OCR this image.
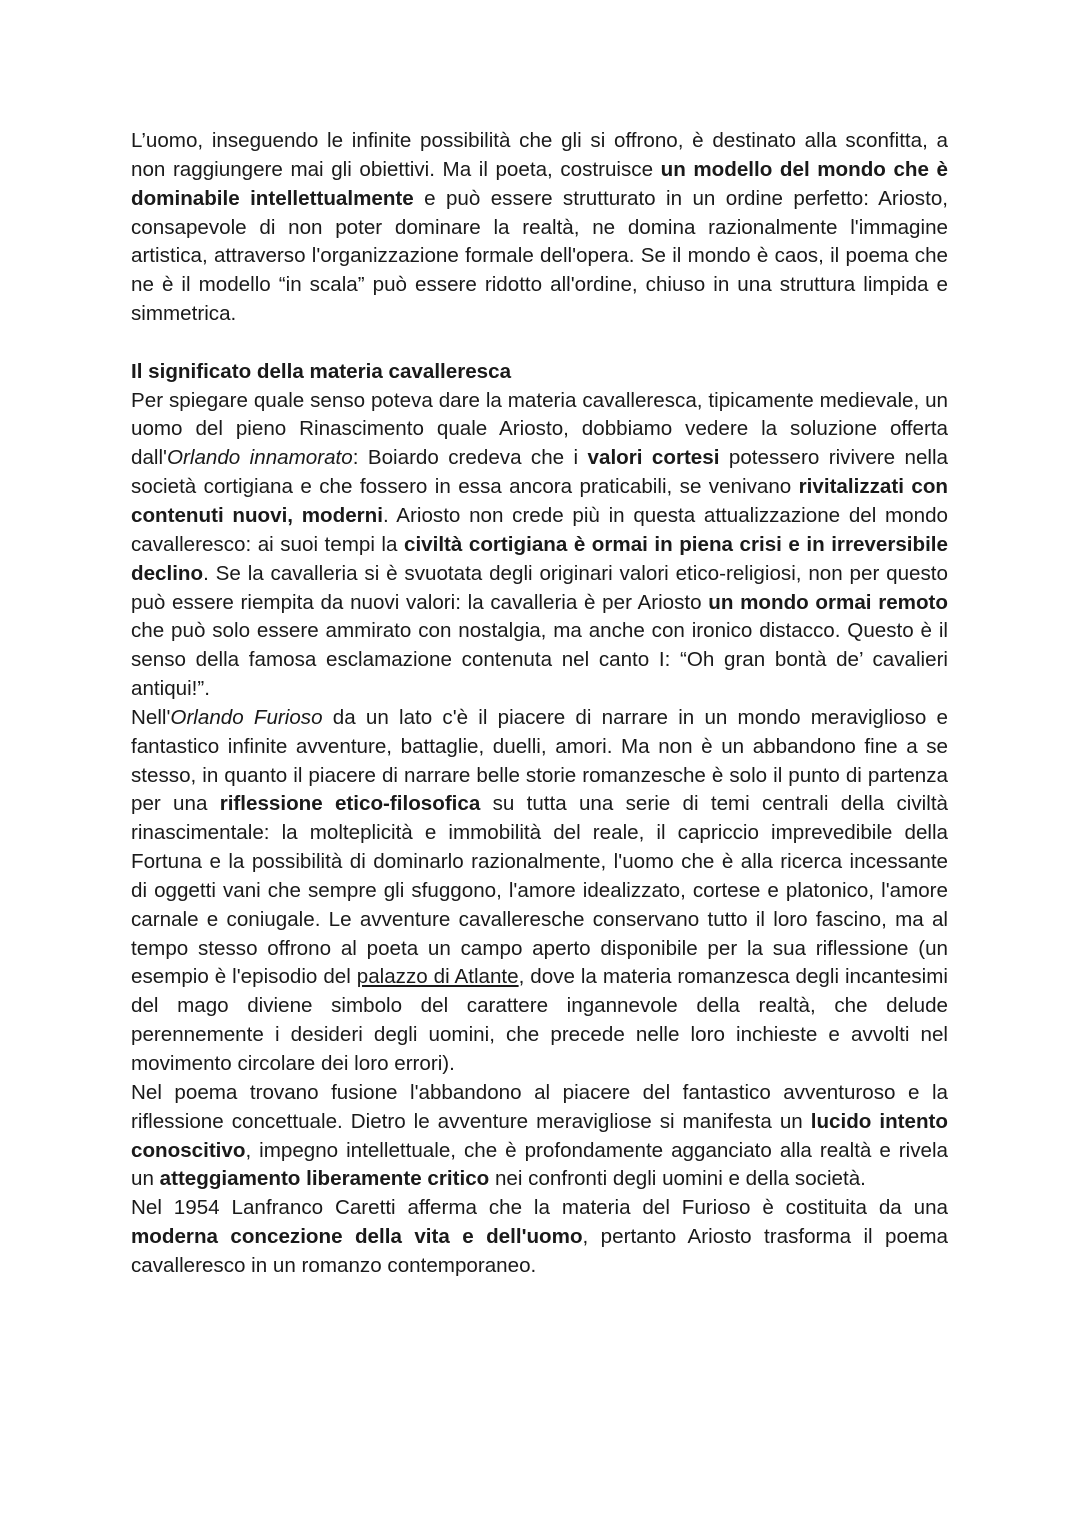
L’uomo, inseguendo le infinite possibilità che gli si offrono, è destinato alla sconfitta, a non raggiungere mai gli obiettivi. Ma il poeta, costruisce un modello del mondo che è dominabile intellettualmente e può essere strutturato in un ordine perfetto: Ariosto, consapevole di non poter dominare la realtà, ne domina razionalmente l'immagine artistica, attraverso l'organizzazione formale dell'opera. Se il mondo è caos, il poema che ne è il modello “in scala” può essere ridotto all'ordine, chiuso in una struttura limpida e simmetrica.

Il significato della materia cavalleresca

Per spiegare quale senso poteva dare la materia cavalleresca, tipicamente medievale, un uomo del pieno Rinascimento quale Ariosto, dobbiamo vedere la soluzione offerta dall'Orlando innamorato: Boiardo credeva che i valori cortesi potessero rivivere nella società cortigiana e che fossero in essa ancora praticabili, se venivano rivitalizzati con contenuti nuovi, moderni. Ariosto non crede più in questa attualizzazione del mondo cavalleresco: ai suoi tempi la civiltà cortigiana è ormai in piena crisi e in irreversibile declino. Se la cavalleria si è svuotata degli originari valori etico-religiosi, non per questo può essere riempita da nuovi valori: la cavalleria è per Ariosto un mondo ormai remoto che può solo essere ammirato con nostalgia, ma anche con ironico distacco. Questo è il senso della famosa esclamazione contenuta nel canto I: “Oh gran bontà de’ cavalieri antiqui!”.

Nell'Orlando Furioso da un lato c'è il piacere di narrare in un mondo meraviglioso e fantastico infinite avventure, battaglie, duelli, amori. Ma non è un abbandono fine a se stesso, in quanto il piacere di narrare belle storie romanzesche è solo il punto di partenza per una riflessione etico-filosofica su tutta una serie di temi centrali della civiltà rinascimentale: la molteplicità e immobilità del reale, il capriccio imprevedibile della Fortuna e la possibilità di dominarlo razionalmente, l'uomo che è alla ricerca incessante di oggetti vani che sempre gli sfuggono, l'amore idealizzato, cortese e platonico, l'amore carnale e coniugale. Le avventure cavalleresche conservano tutto il loro fascino, ma al tempo stesso offrono al poeta un campo aperto disponibile per la sua riflessione (un esempio è l'episodio del palazzo di Atlante, dove la materia romanzesca degli incantesimi del mago diviene simbolo del carattere ingannevole della realtà, che delude perennemente i desideri degli uomini, che precede nelle loro inchieste e avvolti nel movimento circolare dei loro errori).

Nel poema trovano fusione l'abbandono al piacere del fantastico avventuroso e la riflessione concettuale. Dietro le avventure meravigliose si manifesta un lucido intento conoscitivo, impegno intellettuale, che è profondamente agganciato alla realtà e rivela un atteggiamento liberamente critico nei confronti degli uomini e della società.

Nel 1954 Lanfranco Caretti afferma che la materia del Furioso è costituita da una moderna concezione della vita e dell'uomo, pertanto Ariosto trasforma il poema cavalleresco in un romanzo contemporaneo.
